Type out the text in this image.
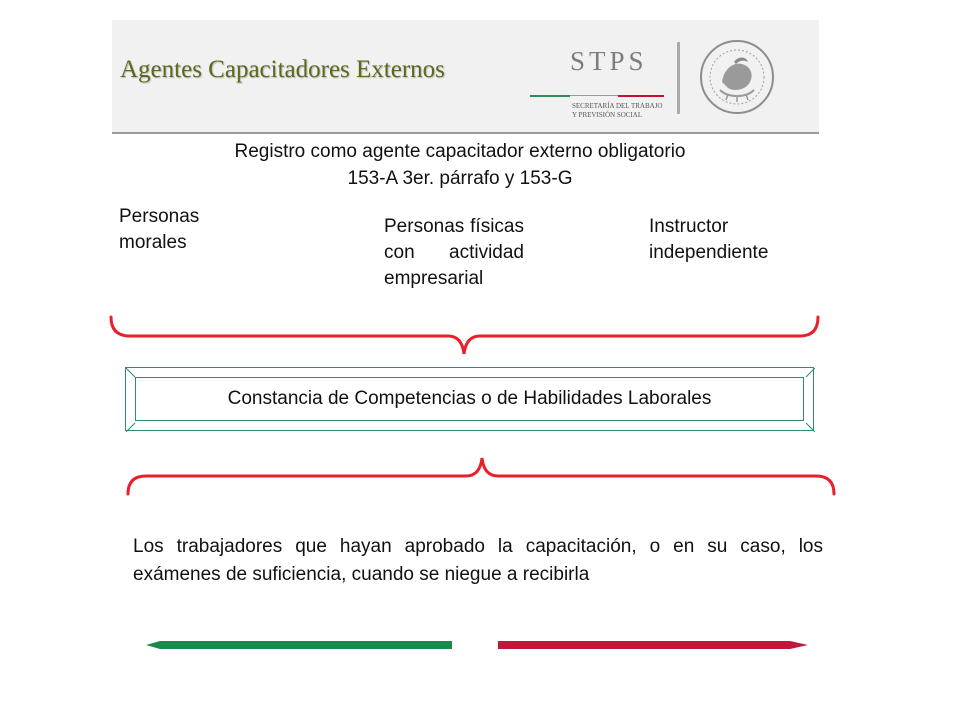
Agentes Capacitadores Externos	STPS
SECRETARÍA DEL TRABAJO
Y PREVISIÓN SOCIAL
Registro como agente capacitador externo obligatorio
153-A 3er. párrafo y 153-G
Personas morales
Personas físicas con actividad empresarial
Instructor independiente
Constancia de Competencias o de Habilidades Laborales
Los trabajadores que hayan aprobado la capacitación, o en su caso, los exámenes de suficiencia, cuando se niegue a recibirla
